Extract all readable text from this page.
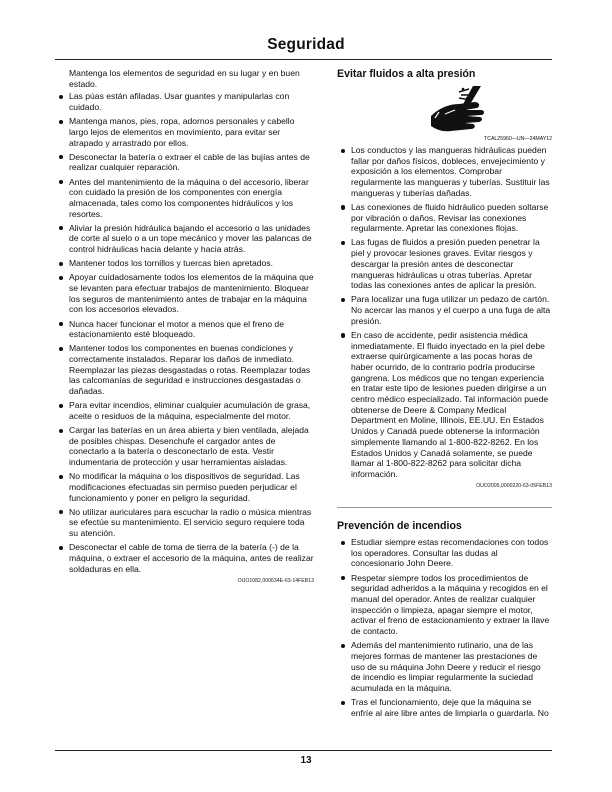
Seguridad

Mantenga los elementos de seguridad en su lugar y en buen estado.

Las púas están afiladas. Usar guantes y manipularlas con cuidado.
Mantenga manos, pies, ropa, adornos personales y cabello largo lejos de elementos en movimiento, para evitar ser atrapado y arrastrado por ellos.
Desconectar la batería o extraer el cable de las bujías antes de realizar cualquier reparación.
Antes del mantenimiento de la máquina o del accesorio, liberar con cuidado la presión de los componentes con energía almacenada, tales como los componentes hidráulicos y los resortes.
Aliviar la presión hidráulica bajando el accesorio o las unidades de corte al suelo o a un tope mecánico y mover las palancas de control hidráulicas hacia delante y hacia atrás.
Mantener todos los tornillos y tuercas bien apretados.
Apoyar cuidadosamente todos los elementos de la máquina que se levanten para efectuar trabajos de mantenimiento. Bloquear los seguros de mantenimiento antes de trabajar en la máquina con los accesorios elevados.
Nunca hacer funcionar el motor a menos que el freno de estacionamiento esté bloqueado.
Mantener todos los componentes en buenas condiciones y correctamente instalados. Reparar los daños de inmediato. Reemplazar las piezas desgastadas o rotas. Reemplazar todas las calcomanías de seguridad e instrucciones desgastadas o dañadas.
Para evitar incendios, eliminar cualquier acumulación de grasa, aceite o residuos de la máquina, especialmente del motor.
Cargar las baterías en un área abierta y bien ventilada, alejada de posibles chispas. Desenchufe el cargador antes de conectarlo a la batería o desconectarlo de esta. Vestir indumentaria de protección y usar herramientas aisladas.
No modificar la máquina o los dispositivos de seguridad. Las modificaciones efectuadas sin permiso pueden perjudicar el funcionamiento y poner en peligro la seguridad.
No utilizar auriculares para escuchar la radio o música mientras se efectúe su mantenimiento. El servicio seguro requiere toda su atención.
Desconectar el cable de toma de tierra de la batería (-) de la máquina, o extraer el accesorio de la máquina, antes de realizar soldaduras en ella.
OUO1082,000634E-63-14FEB13
Evitar fluidos a alta presión
TCAL25960—UN—24MAY12
Los conductos y las mangueras hidráulicas pueden fallar por daños físicos, dobleces, envejecimiento y exposición a los elementos. Comprobar regularmente las mangueras y tuberías. Sustituir las mangueras y tuberías dañadas.
Las conexiones de fluido hidráulico pueden soltarse por vibración o daños. Revisar las conexiones regularmente. Apretar las conexiones flojas.
Las fugas de fluidos a presión pueden penetrar la piel y provocar lesiones graves. Evitar riesgos y descargar la presión antes de desconectar mangueras hidráulicas u otras tuberías. Apretar todas las conexiones antes de aplicar la presión.
Para localizar una fuga utilizar un pedazo de cartón. No acercar las manos y el cuerpo a una fuga de alta presión.
En caso de accidente, pedir asistencia médica inmediatamente. El fluido inyectado en la piel debe extraerse quirúrgicamente a las pocas horas de haber ocurrido, de lo contrario podría producirse gangrena. Los médicos que no tengan experiencia en tratar este tipo de lesiones pueden dirigirse a un centro médico especializado. Tal información puede obtenerse de Deere & Company Medical Department en Moline, Illinois, EE.UU. En Estados Unidos y Canadá puede obtenerse la información simplemente llamando al 1-800-822-8262. En los Estados Unidos y Canadá solamente, se puede llamar al 1-800-822-8262 para solicitar dicha información.
OUO2005,0000220-63-05FEB13
Prevención de incendios
Estudiar siempre estas recomendaciones con todos los operadores. Consultar las dudas al concesionario John Deere.
Respetar siempre todos los procedimientos de seguridad adheridos a la máquina y recogidos en el manual del operador. Antes de realizar cualquier inspección o limpieza, apagar siempre el motor, activar el freno de estacionamiento y extraer la llave de contacto.
Además del mantenimiento rutinario, una de las mejores formas de mantener las prestaciones de uso de su máquina John Deere y reducir el riesgo de incendio es limpiar regularmente la suciedad acumulada en la máquina.
Tras el funcionamiento, deje que la máquina se enfríe al aire libre antes de limpiarla o guardarla. No
13
